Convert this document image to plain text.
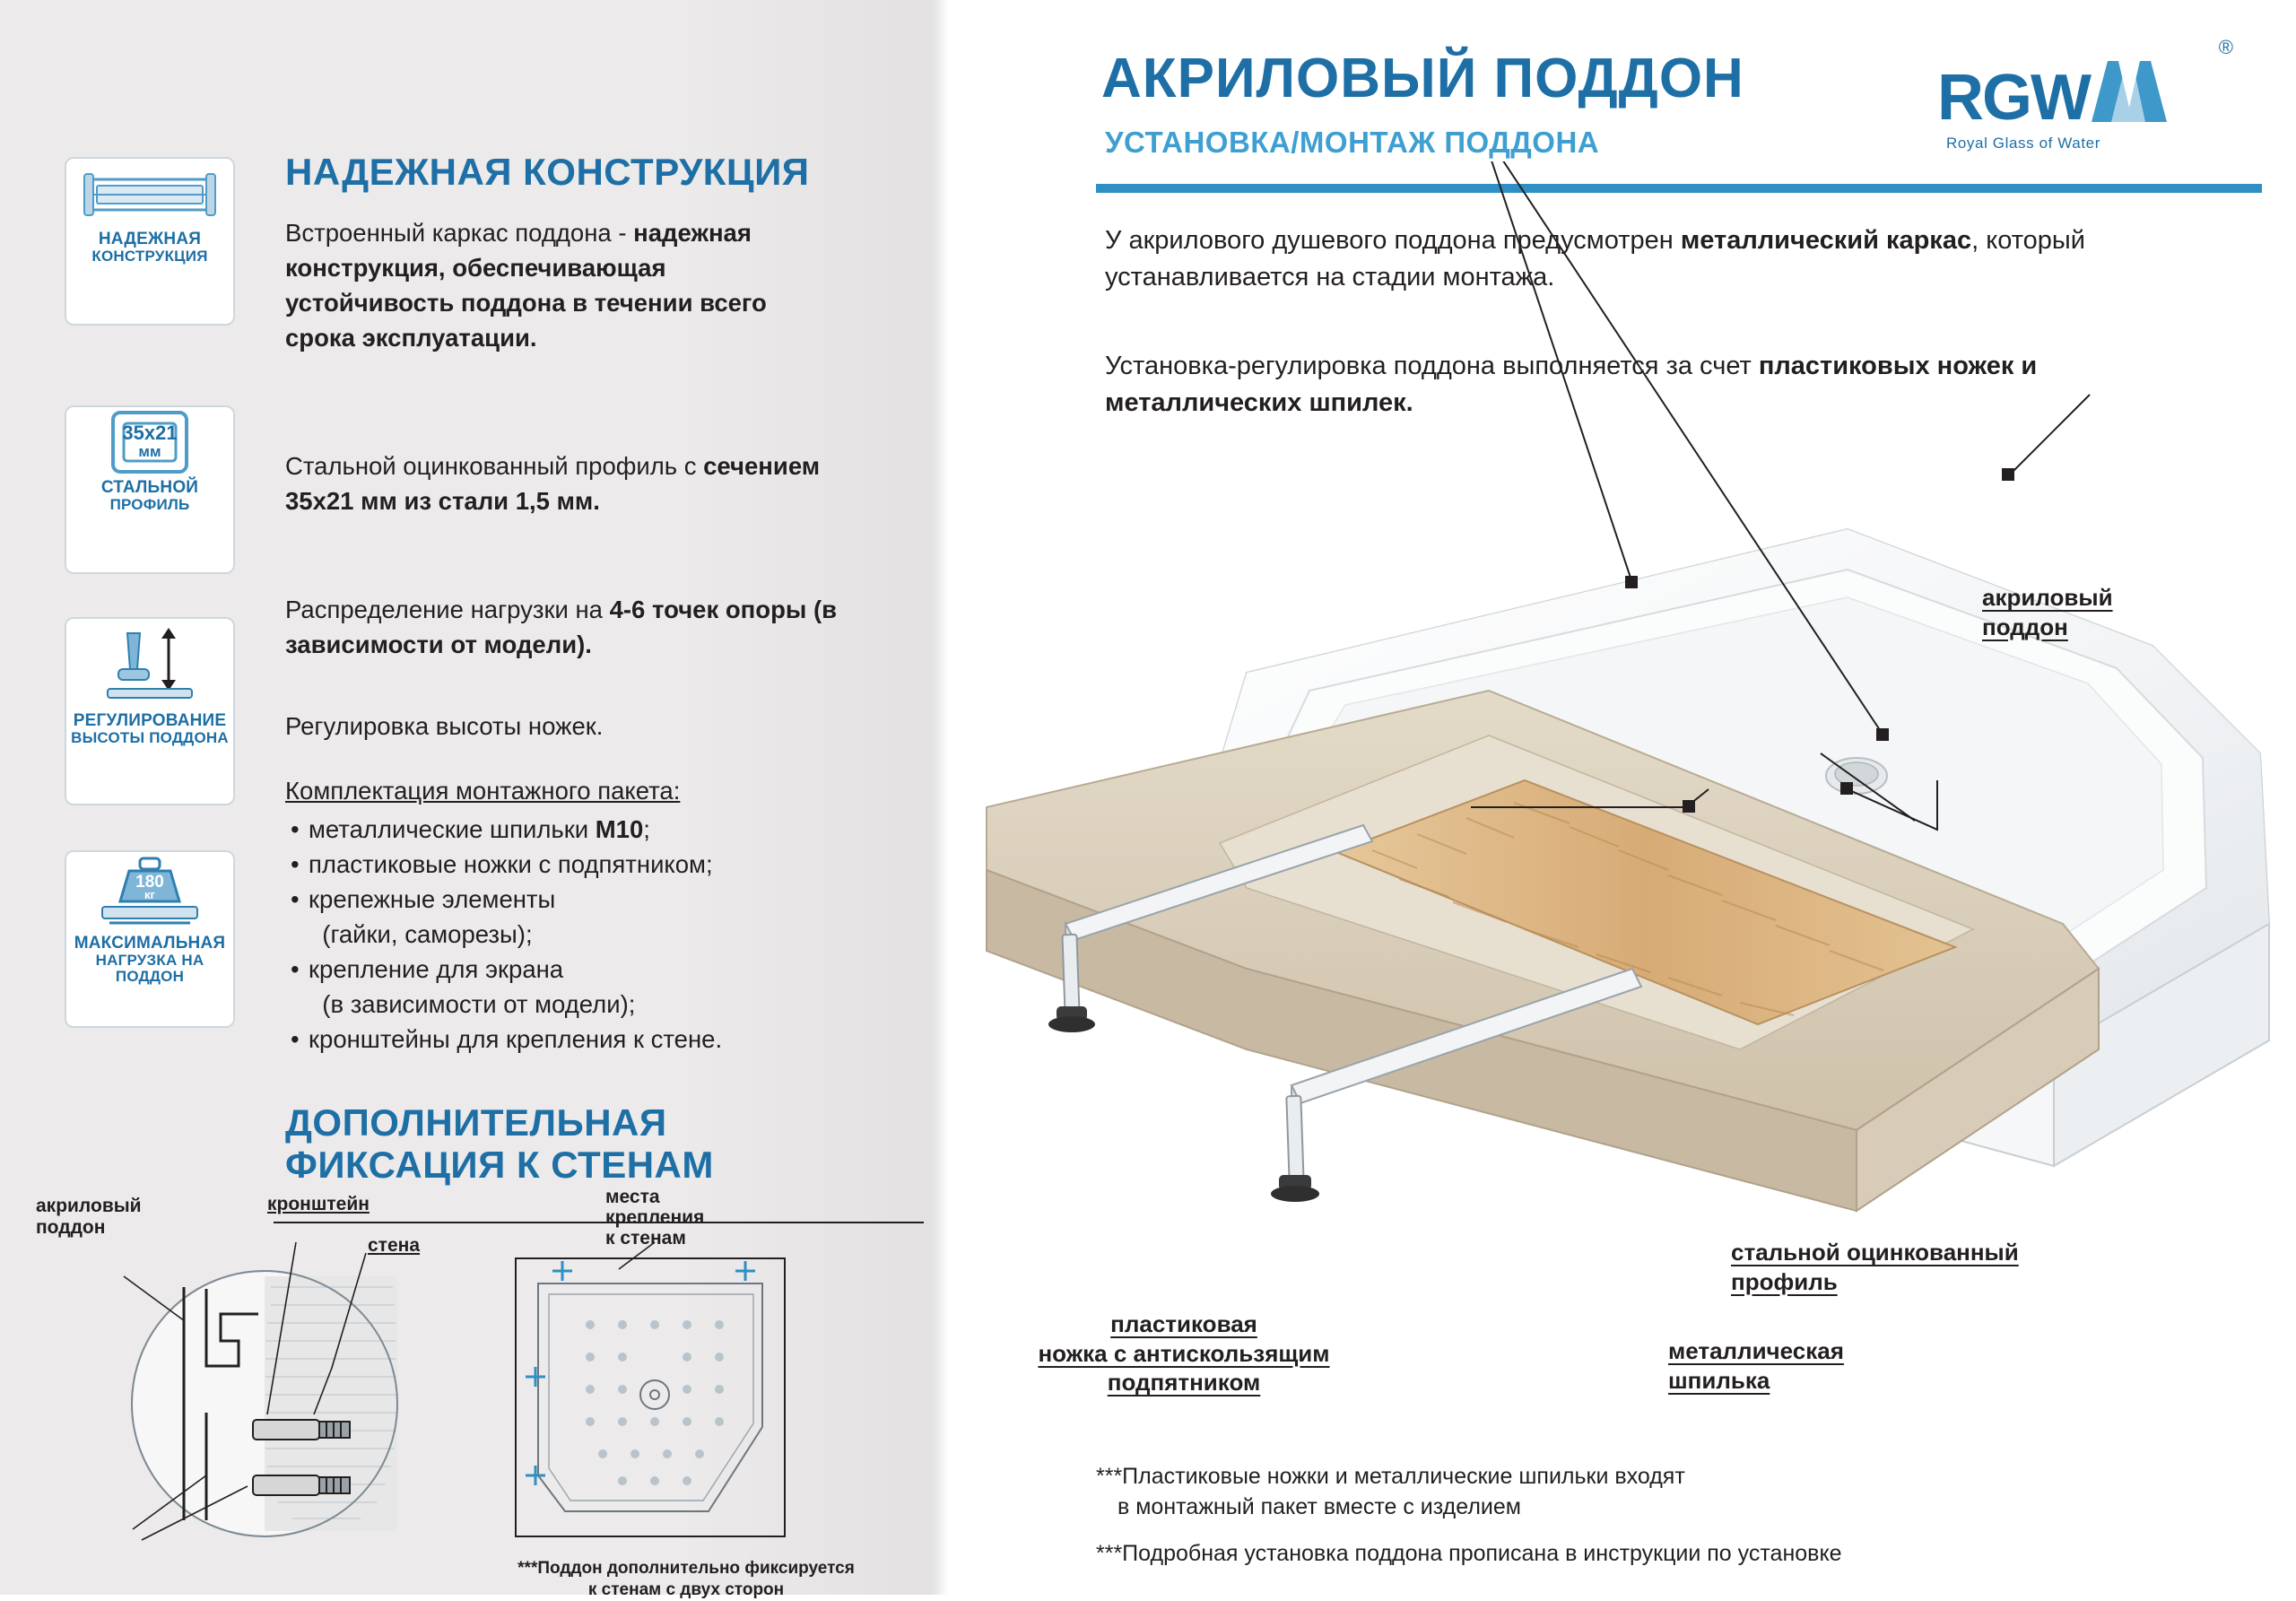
НАДЕЖНАЯ
КОНСТРУКЦИЯ
35х21
мм
СТАЛЬНОЙ
ПРОФИЛЬ
РЕГУЛИРОВАНИЕ
ВЫСОТЫ ПОДДОНА
180
кг
МАКСИМАЛЬНАЯ
НАГРУЗКА НА ПОДДОН
НАДЕЖНАЯ КОНСТРУКЦИЯ
Встроенный каркас поддона - надежная конструкция, обеспечивающая устойчивость поддона в течении всего срока эксплуатации.
Стальной оцинкованный профиль с сечением 35х21 мм из стали 1,5 мм.
Распределение нагрузки на 4-6 точек опоры (в зависимости от модели).
Регулировка высоты ножек.
Комплектация монтажного пакета:
• металлические шпильки M10;
• пластиковые ножки с подпятником;
• крепежные элементы
(гайки, саморезы);
• крепление для экрана
(в зависимости от модели);
• кронштейны для крепления к стене.
ДОПОЛНИТЕЛЬНАЯ
ФИКСАЦИЯ К СТЕНАМ
акриловый
поддон
кронштейн
стена
места
крепления
к стенам
***Поддон дополнительно фиксируется
к стенам с двух сторон
АКРИЛОВЫЙ ПОДДОН
УСТАНОВКА/МОНТАЖ ПОДДОНА
®
RGW
Royal Glass of Water
У акрилового душевого поддона предусмотрен металлический каркас, который устанавливается на стадии монтажа.
Установка-регулировка поддона выполняется за счет пластиковых ножек и металлических шпилек.
акриловый
поддон
стальной оцинкованный
профиль
металлическая
шпилька
пластиковая
ножка с антискользящим
подпятником
***Пластиковые ножки и металлические шпильки входят
в монтажный пакет вместе с изделием
***Подробная установка поддона прописана в инструкции по установке
